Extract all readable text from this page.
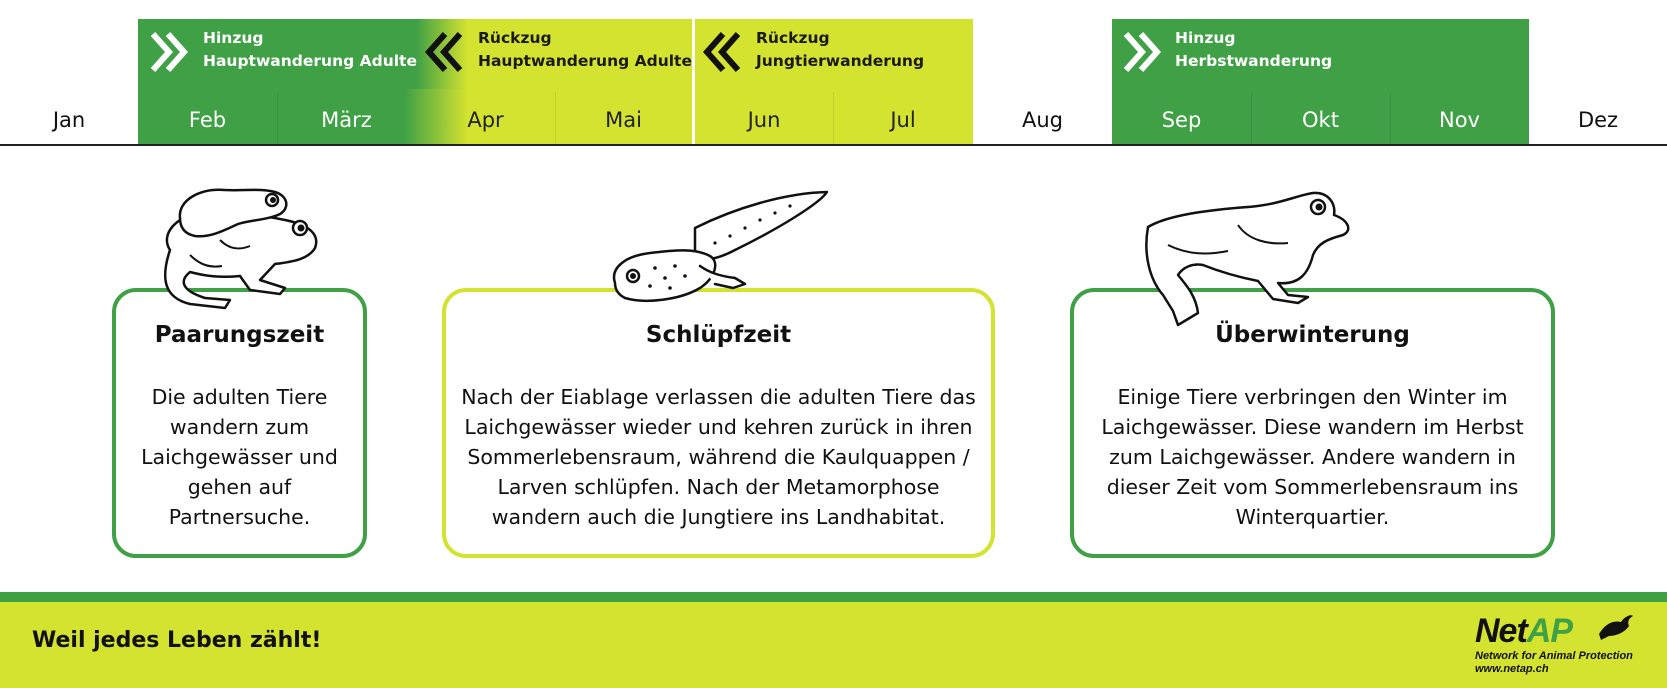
Jan	Feb	März	Apr	Mai	Jun	Jul	Aug	Sep	Okt	Nov	Dez
Hinzug
Hauptwanderung Adulte
Rückzug
Hauptwanderung Adulte
Rückzug
Jungtierwanderung
Hinzug
Herbstwanderung
Paarungszeit
Die adulten Tiere wandern zum Laichgewässer und gehen auf Partnersuche.
Schlüpfzeit
Nach der Eiablage verlassen die adulten Tiere das Laichgewässer wieder und kehren zurück in ihren Sommerlebensraum, während die Kaulquappen / Larven schlüpfen. Nach der Metamorphose wandern auch die Jungtiere ins Landhabitat.
Überwinterung
Einige Tiere verbringen den Winter im Laichgewässer. Diese wandern im Herbst zum Laichgewässer. Andere wandern in dieser Zeit vom Sommerlebensraum ins Winterquartier.
Weil jedes Leben zählt!	NetAP
Network for Animal Protection
www.netap.ch
